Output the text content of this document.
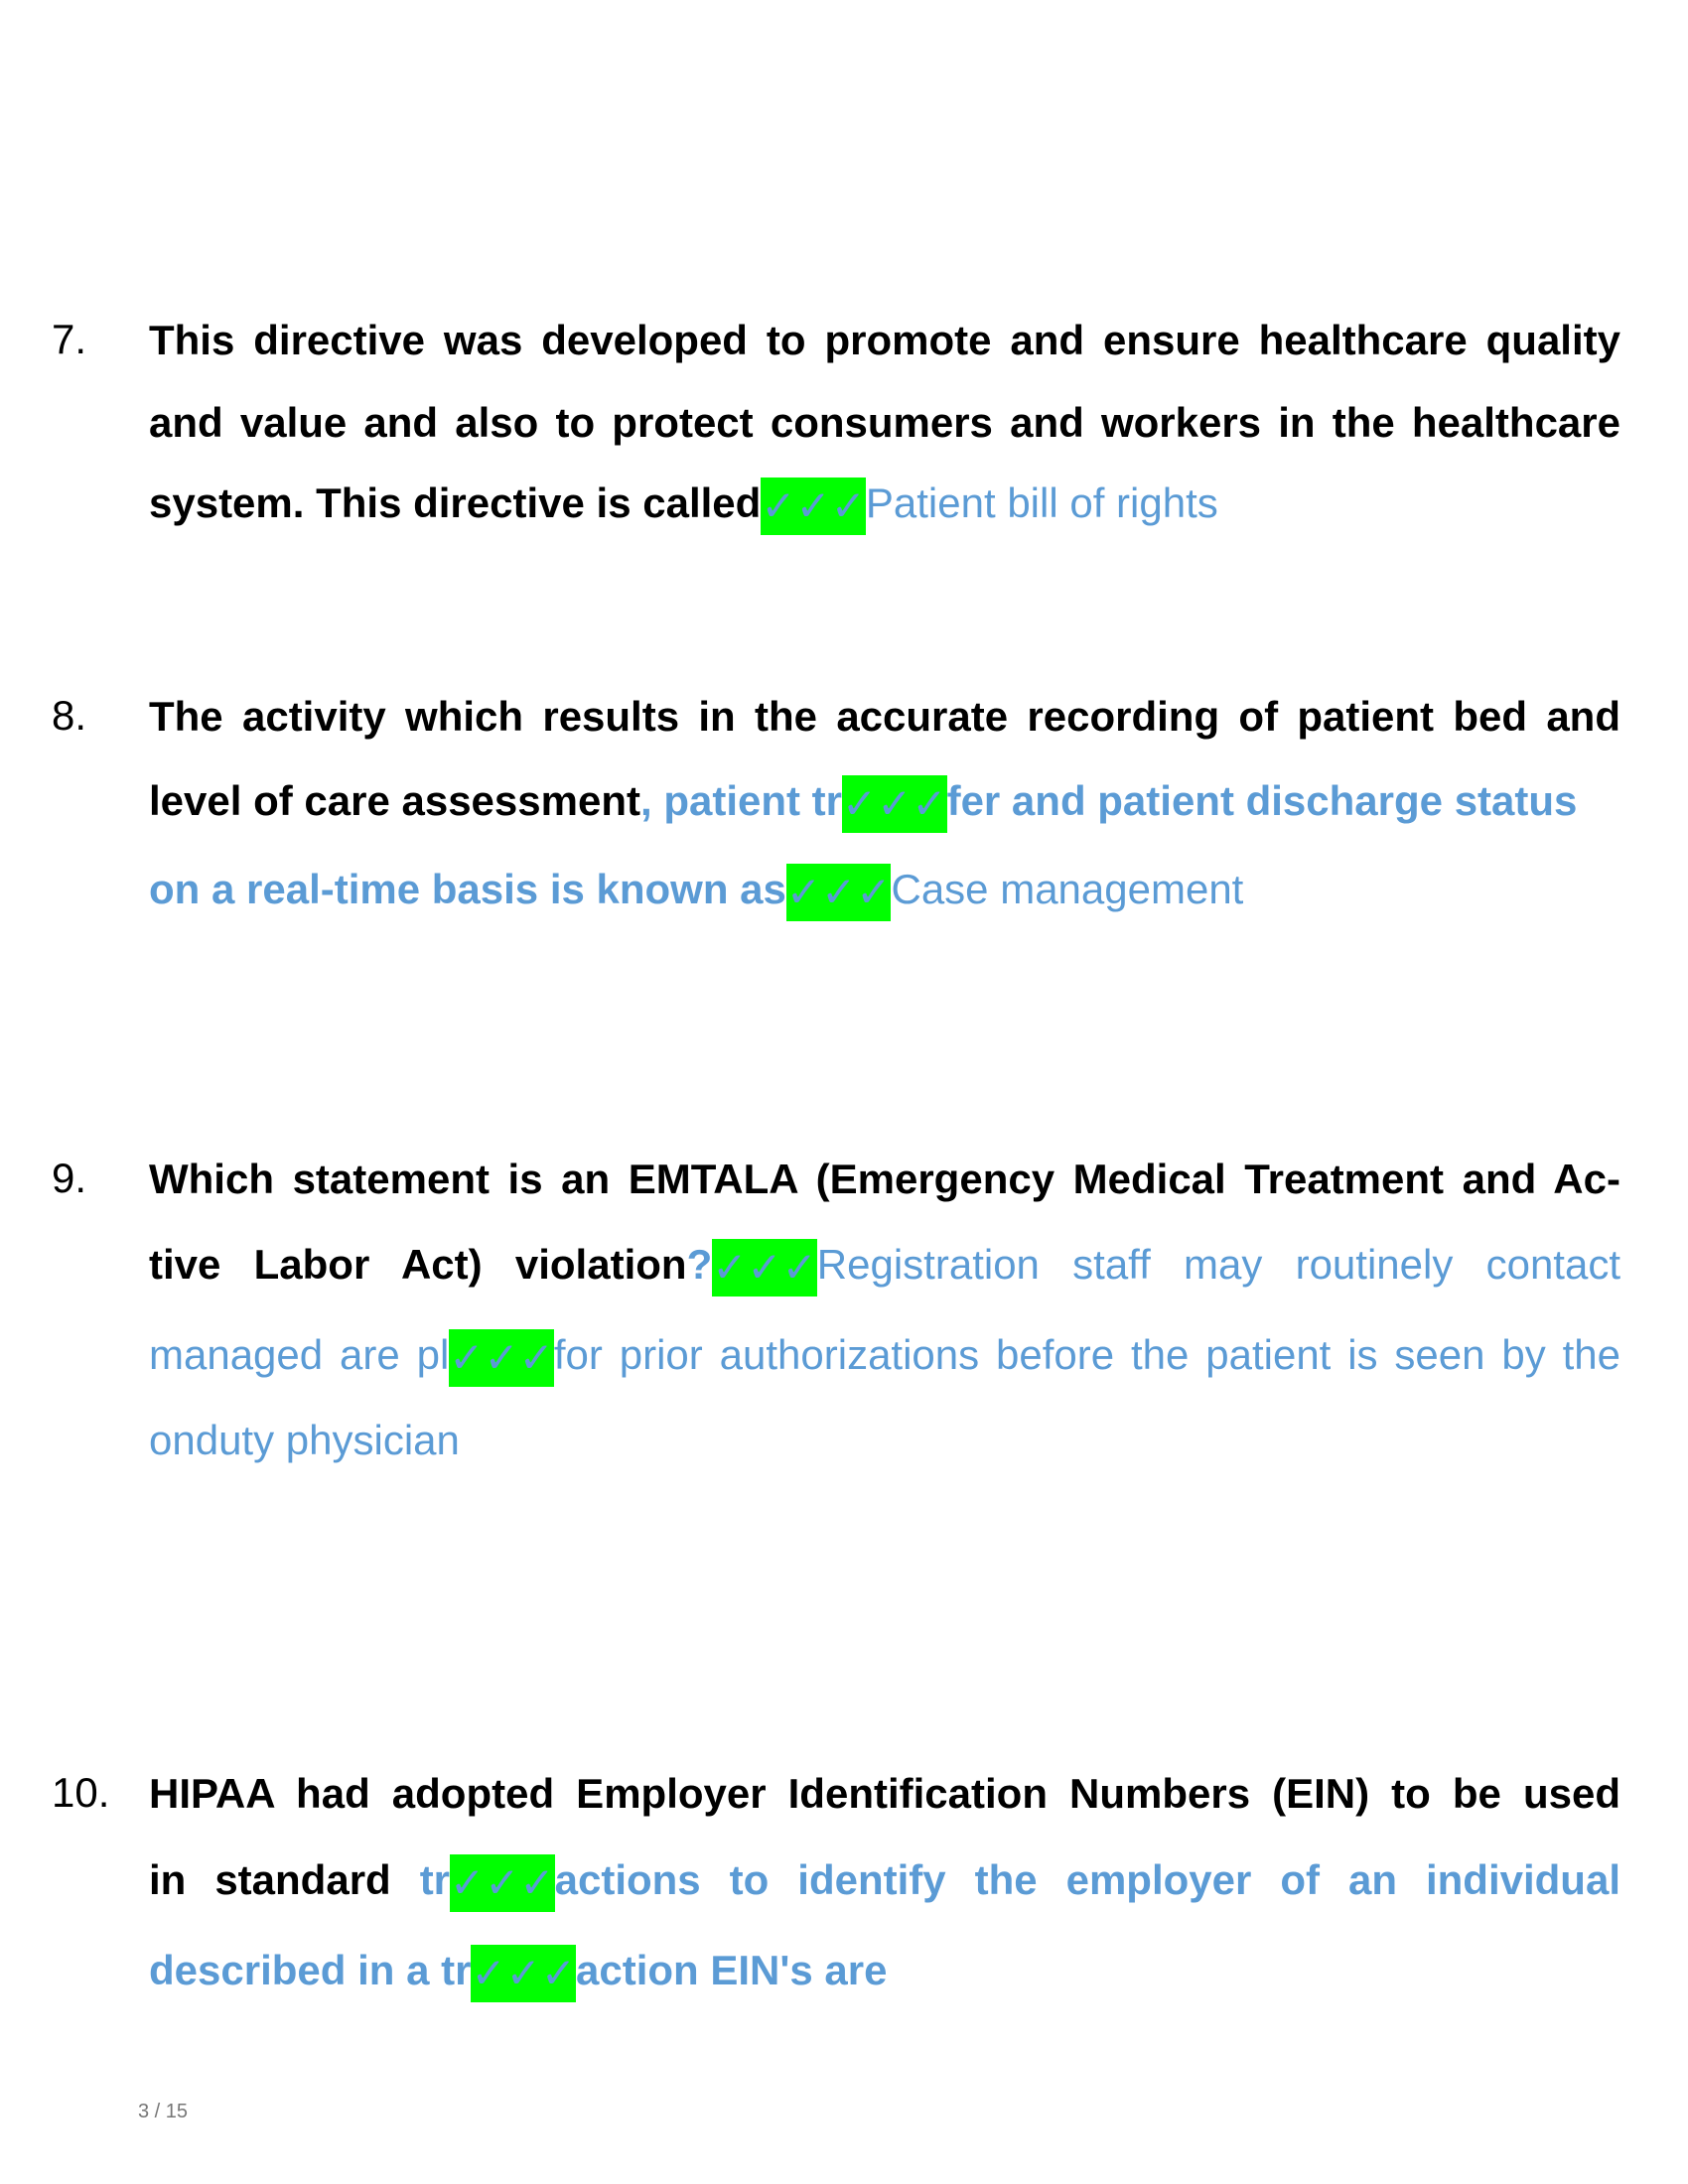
7. This directive was developed to promote and ensure healthcare quality
and value and also to protect consumers and workers in the healthcare
system. This directive is called✓✓✓Patient bill of rights
8. The activity which results in the accurate recording of patient bed and
level of care assessment, patient tr✓✓✓fer and patient discharge status
on a real-time basis is known as✓✓✓Case management
9. Which statement is an EMTALA (Emergency Medical Treatment and Ac-
tive Labor Act) violation?✓✓✓Registration staff may routinely contact
managed are pl✓✓✓for prior authorizations before the patient is seen by the
onduty physician
10. HIPAA had adopted Employer Identification Numbers (EIN) to be used
in standard tr✓✓✓actions to identify the employer of an individual
described in a tr✓✓✓action EIN's are
3 / 15
